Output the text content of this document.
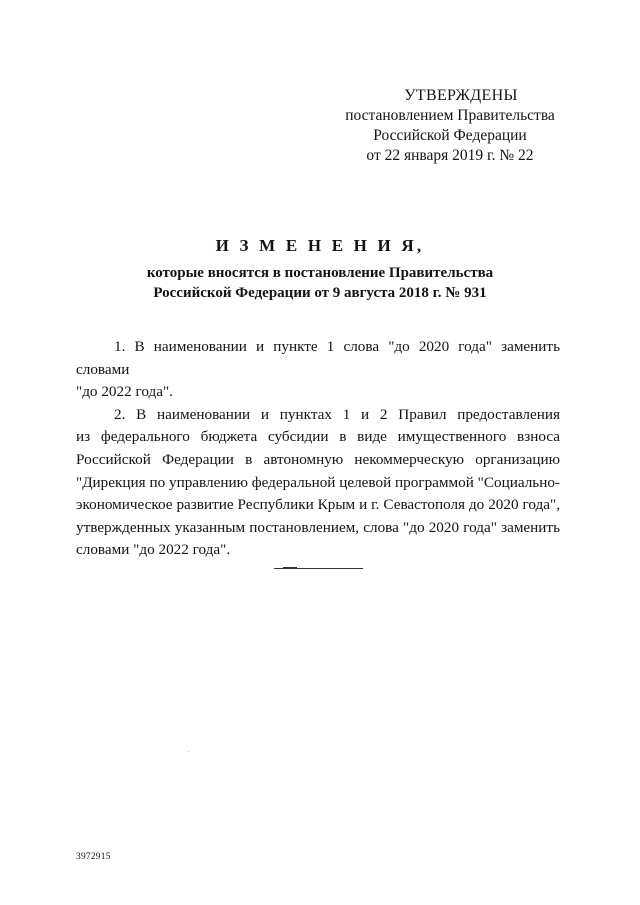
УТВЕРЖДЕНЫ
постановлением Правительства
Российской Федерации
от 22 января 2019 г. № 22
И З М Е Н Е Н И Я,
которые вносятся в постановление Правительства
Российской Федерации от 9 августа 2018 г. № 931
1. В наименовании и пункте 1 слова "до 2020 года" заменить словами
"до 2022 года".
2. В наименовании и пунктах 1 и 2 Правил предоставления
из федерального бюджета субсидии в виде имущественного взноса
Российской Федерации в автономную некоммерческую организацию
"Дирекция по управлению федеральной целевой программой "Социально-
экономическое развитие Республики Крым и г. Севастополя до 2020 года",
утвержденных указанным постановлением, слова "до 2020 года" заменить
словами "до 2022 года".
3972915
